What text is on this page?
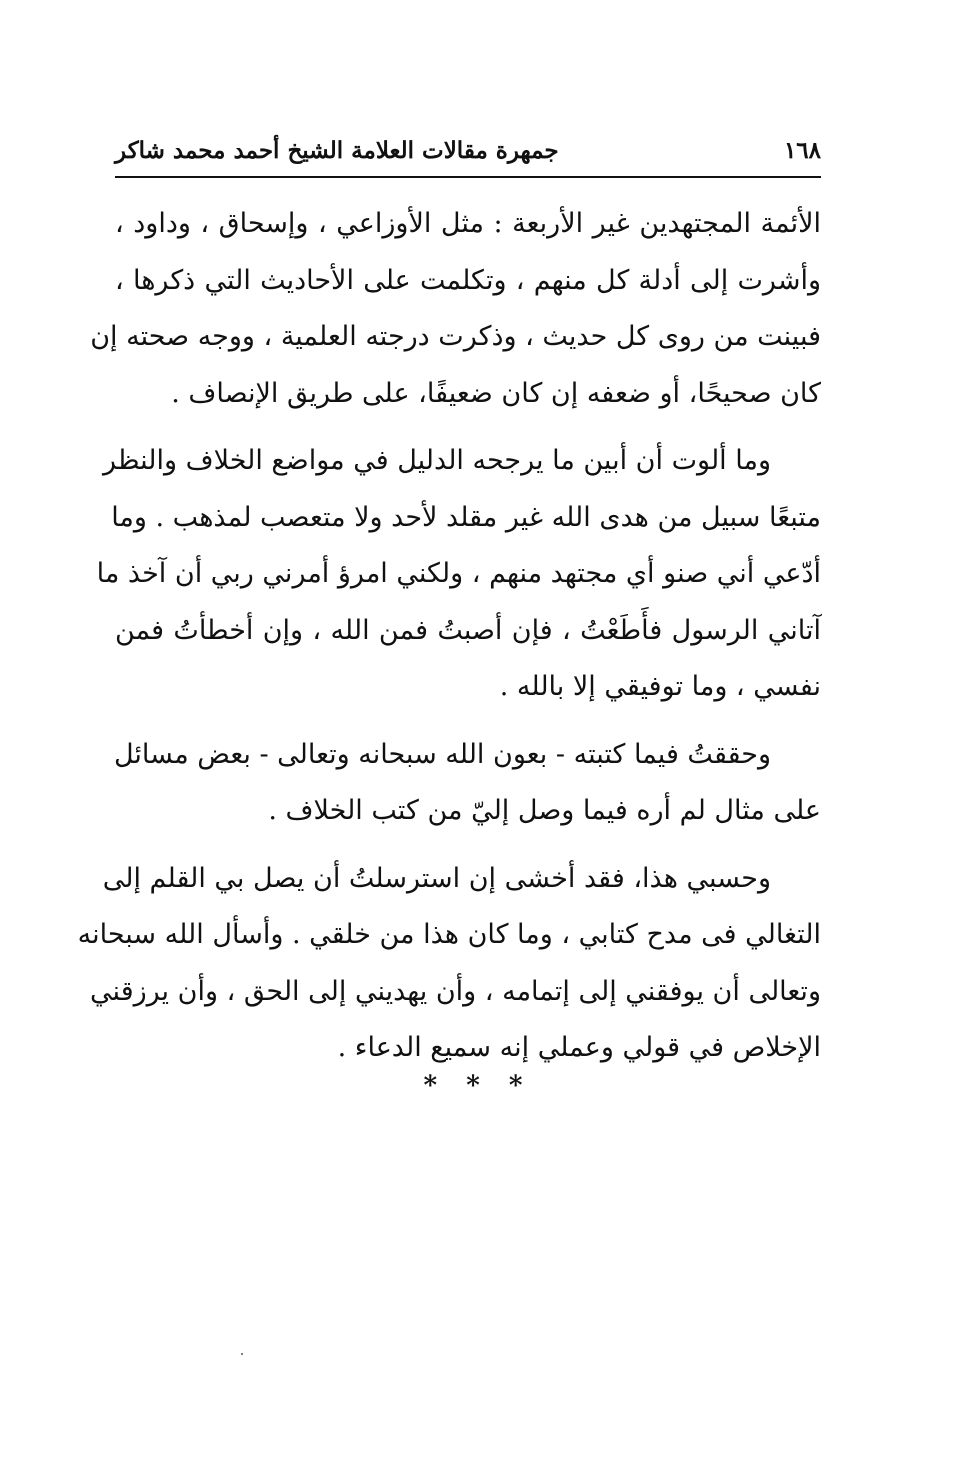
١٦٨
جمهرة مقالات العلامة الشيخ أحمد محمد شاكر
الأئمة المجتهدين غير الأربعة : مثل الأوزاعي ، وإسحاق ، وداود ،
وأشرت إلى أدلة كل منهم ، وتكلمت على الأحاديث التي ذكرها ،
فبينت من روى كل حديث ، وذكرت درجته العلمية ، ووجه صحته إن
كان صحيحًا، أو ضعفه إن كان ضعيفًا، على طريق الإنصاف .
وما ألوت أن أبين ما يرجحه الدليل في مواضع الخلاف والنظر
متبعًا سبيل من هدى الله غير مقلد لأحد ولا متعصب لمذهب . وما
أدّعي أني صنو أي مجتهد منهم ، ولكني امرؤ أمرني ربي أن آخذ ما
آتاني الرسول فأَطَعْتُ ، فإن أصبتُ فمن الله ، وإن أخطأتُ فمن
نفسي ، وما توفيقي إلا بالله .
وحققتُ فيما كتبته - بعون الله سبحانه وتعالى - بعض مسائل
على مثال لم أره فيما وصل إليّ من كتب الخلاف .
وحسبي هذا، فقد أخشى إن استرسلتُ أن يصل بي القلم إلى
التغالي فى مدح كتابي ، وما كان هذا من خلقي . وأسأل الله سبحانه
وتعالى أن يوفقني إلى إتمامه ، وأن يهديني إلى الحق ، وأن يرزقني
الإخلاص في قولي وعملي إنه سميع الدعاء .
* * *
